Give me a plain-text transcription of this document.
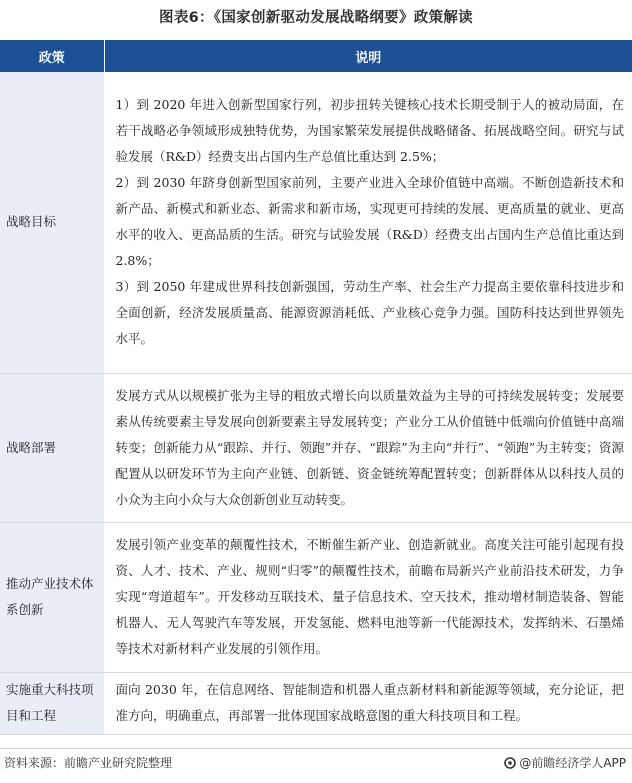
图表6：《国家创新驱动发展战略纲要》政策解读
政策	说明
战略目标	1）到 2020 年进入创新型国家行列，初步扭转关键核心技术长期受制于人的被动局面，在若干战略必争领域形成独特优势，为国家繁荣发展提供战略储备、拓展战略空间。研究与试验发展（R&D）经费支出占国内生产总值比重达到 2.5%；
2）到 2030 年跻身创新型国家前列，主要产业进入全球价值链中高端。不断创造新技术和新产品、新模式和新业态、新需求和新市场，实现更可持续的发展、更高质量的就业、更高水平的收入、更高品质的生活。研究与试验发展（R&D）经费支出占国内生产总值比重达到 2.8%；
3）到 2050 年建成世界科技创新强国，劳动生产率、社会生产力提高主要依靠科技进步和全面创新，经济发展质量高、能源资源消耗低、产业核心竞争力强。国防科技达到世界领先水平。

战略部署	发展方式从以规模扩张为主导的粗放式增长向以质量效益为主导的可持续发展转变；发展要素从传统要素主导发展向创新要素主导发展转变；产业分工从价值链中低端向价值链中高端转变；创新能力从“跟踪、并行、领跑”并存、“跟踪”为主向“并行”、“领跑”为主转变；资源配置从以研发环节为主向产业链、创新链、资金链统筹配置转变；创新群体从以科技人员的小众为主向小众与大众创新创业互动转变。

推动产业技术体系创新	发展引领产业变革的颠覆性技术，不断催生新产业、创造新就业。高度关注可能引起现有投资、人才、技术、产业、规则“归零”的颠覆性技术，前瞻布局新兴产业前沿技术研发，力争实现“弯道超车”。开发移动互联技术、量子信息技术、空天技术，推动增材制造装备、智能机器人、无人驾驶汽车等发展，开发氢能、燃料电池等新一代能源技术，发挥纳米、石墨烯等技术对新材料产业发展的引领作用。

实施重大科技项目和工程	面向 2030 年，在信息网络、智能制造和机器人重点新材料和新能源等领域，充分论证，把准方向，明确重点，再部署一批体现国家战略意图的重大科技项目和工程。
资料来源：前瞻产业研究院整理	@前瞻经济学人APP
